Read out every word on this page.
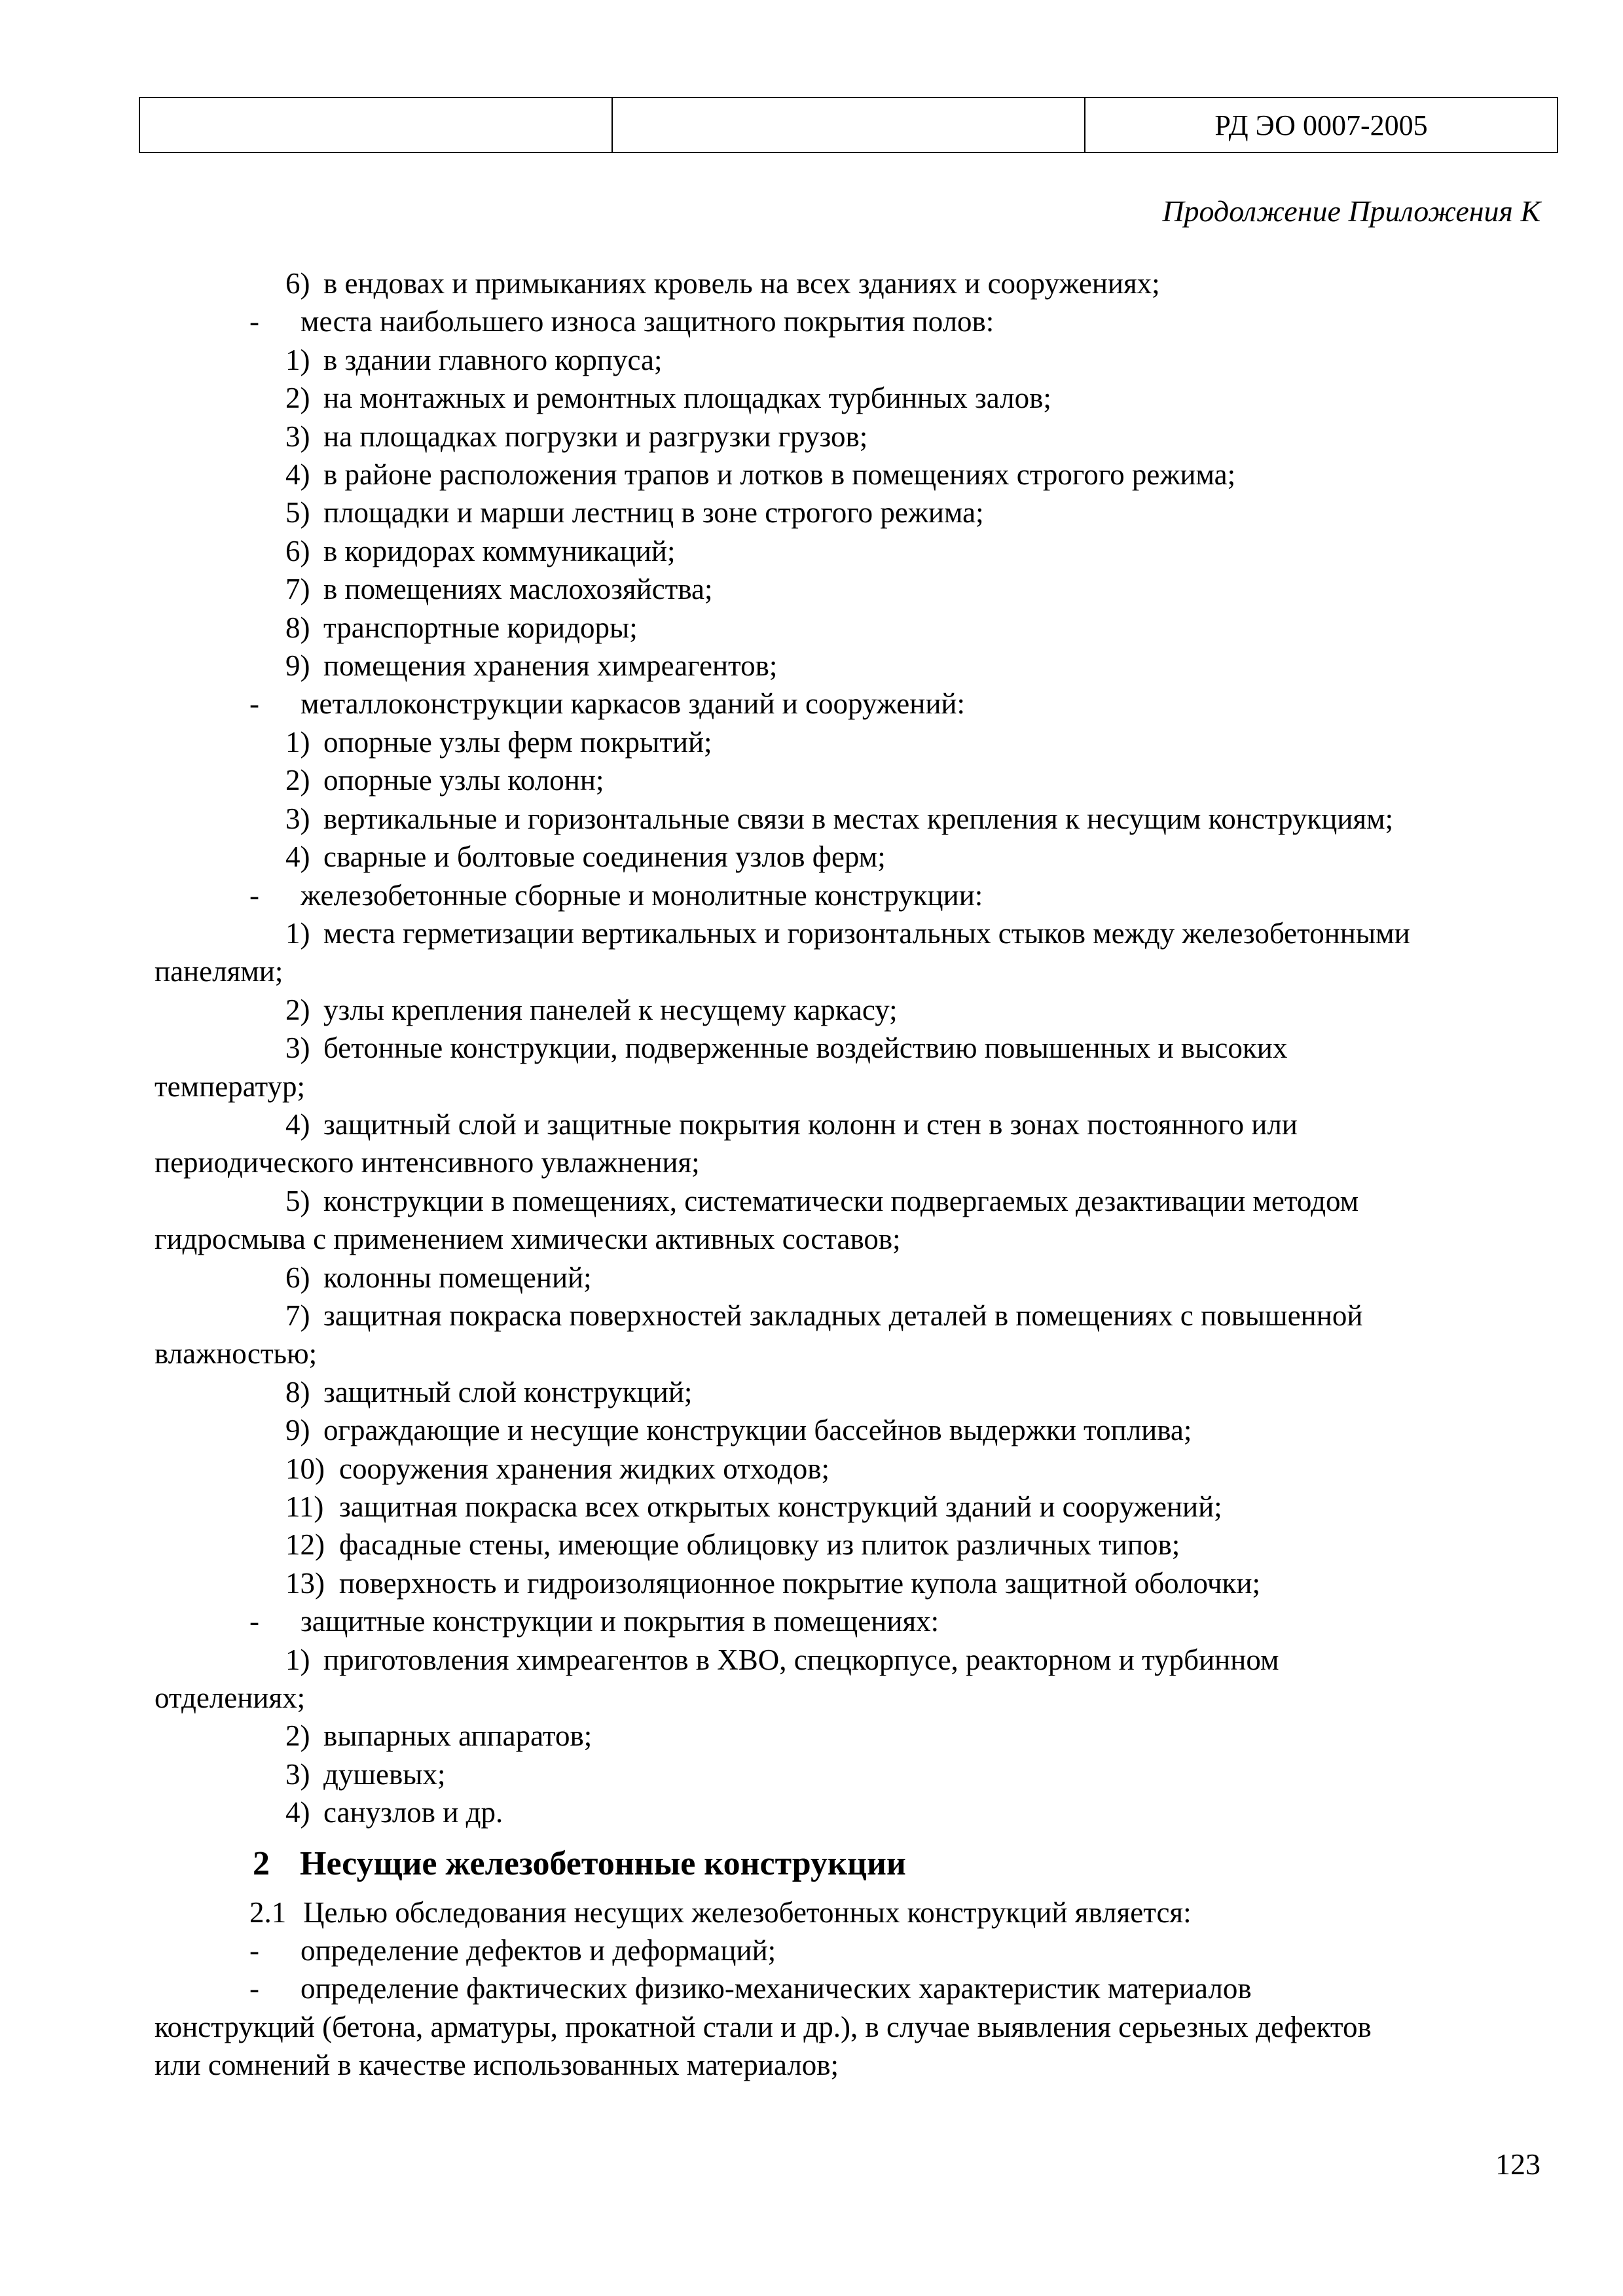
РД ЭО 0007-2005
Продолжение Приложения К
6) в ендовах и примыканиях кровель на всех зданиях и сооружениях;
- места наибольшего износа защитного покрытия полов:
1) в здании главного корпуса;
2) на монтажных и ремонтных площадках турбинных залов;
3) на площадках погрузки и разгрузки грузов;
4) в районе расположения трапов и лотков в помещениях строгого режима;
5) площадки и марши лестниц в зоне строгого режима;
6) в коридорах коммуникаций;
7) в помещениях маслохозяйства;
8) транспортные коридоры;
9) помещения хранения химреагентов;
- металлоконструкции каркасов зданий и сооружений:
1) опорные узлы ферм покрытий;
2) опорные узлы колонн;
3) вертикальные и горизонтальные связи в местах крепления к несущим конструкциям;
4) сварные и болтовые соединения узлов ферм;
- железобетонные сборные и монолитные конструкции:
1) места герметизации вертикальных и горизонтальных стыков между железобетонными
панелями;
2) узлы крепления панелей к несущему каркасу;
3) бетонные конструкции, подверженные воздействию повышенных и высоких
температур;
4) защитный слой и защитные покрытия колонн и стен в зонах постоянного или
периодического интенсивного увлажнения;
5) конструкции в помещениях, систематически подвергаемых дезактивации методом
гидросмыва с применением химически активных составов;
6) колонны помещений;
7) защитная покраска поверхностей закладных деталей в помещениях с повышенной
влажностью;
8) защитный слой конструкций;
9) ограждающие и несущие конструкции бассейнов выдержки топлива;
10) сооружения хранения жидких отходов;
11) защитная покраска всех открытых конструкций зданий и сооружений;
12) фасадные стены, имеющие облицовку из плиток различных типов;
13) поверхность и гидроизоляционное покрытие купола защитной оболочки;
- защитные конструкции и покрытия в помещениях:
1) приготовления химреагентов в ХВО, спецкорпусе, реакторном и турбинном
отделениях;
2) выпарных аппаратов;
3) душевых;
4) санузлов и др.
2 Несущие железобетонные конструкции
2.1 Целью обследования несущих железобетонных конструкций является:
- определение дефектов и деформаций;
- определение фактических физико-механических характеристик материалов
конструкций (бетона, арматуры, прокатной стали и др.), в случае выявления серьезных дефектов
или сомнений в качестве использованных материалов;
123
